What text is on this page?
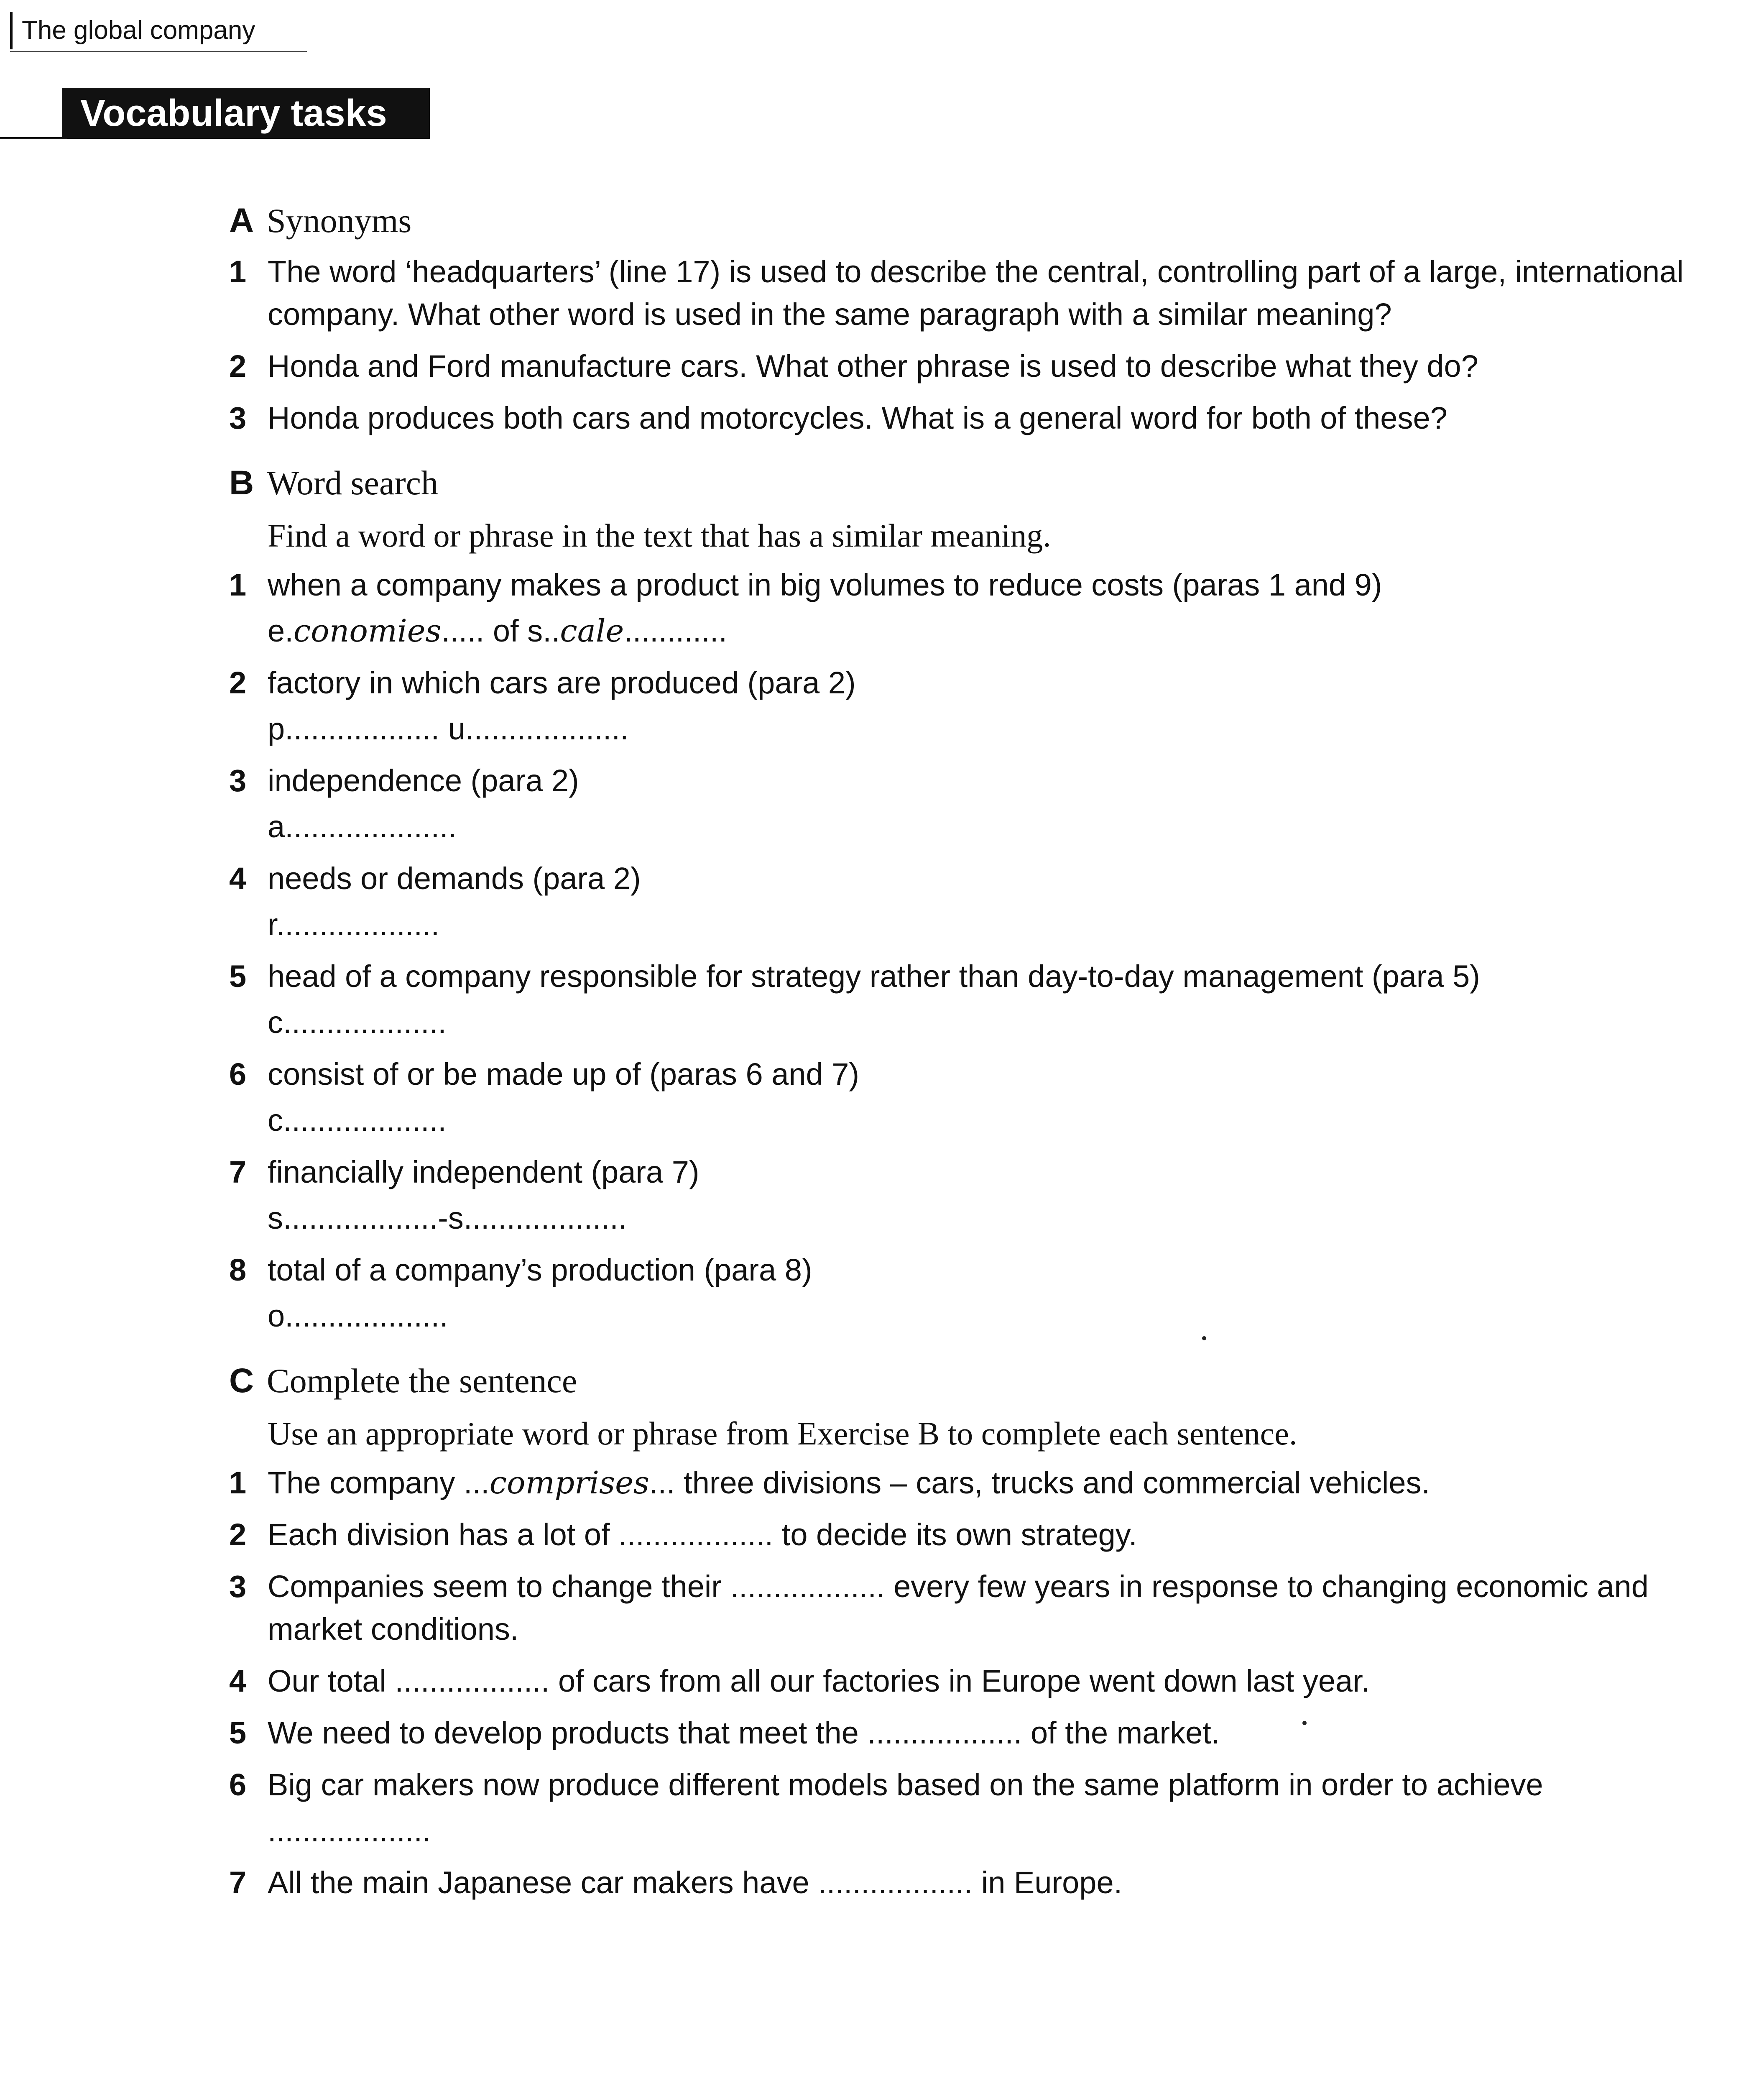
The global company
Vocabulary tasks
A Synonyms
1 The word ‘headquarters’ (line 17) is used to describe the central, controlling part of a large, international company. What other word is used in the same paragraph with a similar meaning?
2 Honda and Ford manufacture cars. What other phrase is used to describe what they do?
3 Honda produces both cars and motorcycles. What is a general word for both of these?
B Word search
Find a word or phrase in the text that has a similar meaning.
1 when a company makes a product in big volumes to reduce costs (paras 1 and 9)
e.conomies..... of s..cale............
2 factory in which cars are produced (para 2)
p.................. u...................
3 independence (para 2)
a....................
4 needs or demands (para 2)
r...................
5 head of a company responsible for strategy rather than day-to-day management (para 5)
c...................
6 consist of or be made up of (paras 6 and 7)
c...................
7 financially independent (para 7)
s..................-s...................
8 total of a company’s production (para 8)
o...................
C Complete the sentence
Use an appropriate word or phrase from Exercise B to complete each sentence.
1 The company ...comprises... three divisions – cars, trucks and commercial vehicles.
2 Each division has a lot of .................. to decide its own strategy.
3 Companies seem to change their .................. every few years in response to changing economic and market conditions.
4 Our total .................. of cars from all our factories in Europe went down last year.
5 We need to develop products that meet the .................. of the market.
6 Big car makers now produce different models based on the same platform in order to achieve
...................
7 All the main Japanese car makers have .................. in Europe.
